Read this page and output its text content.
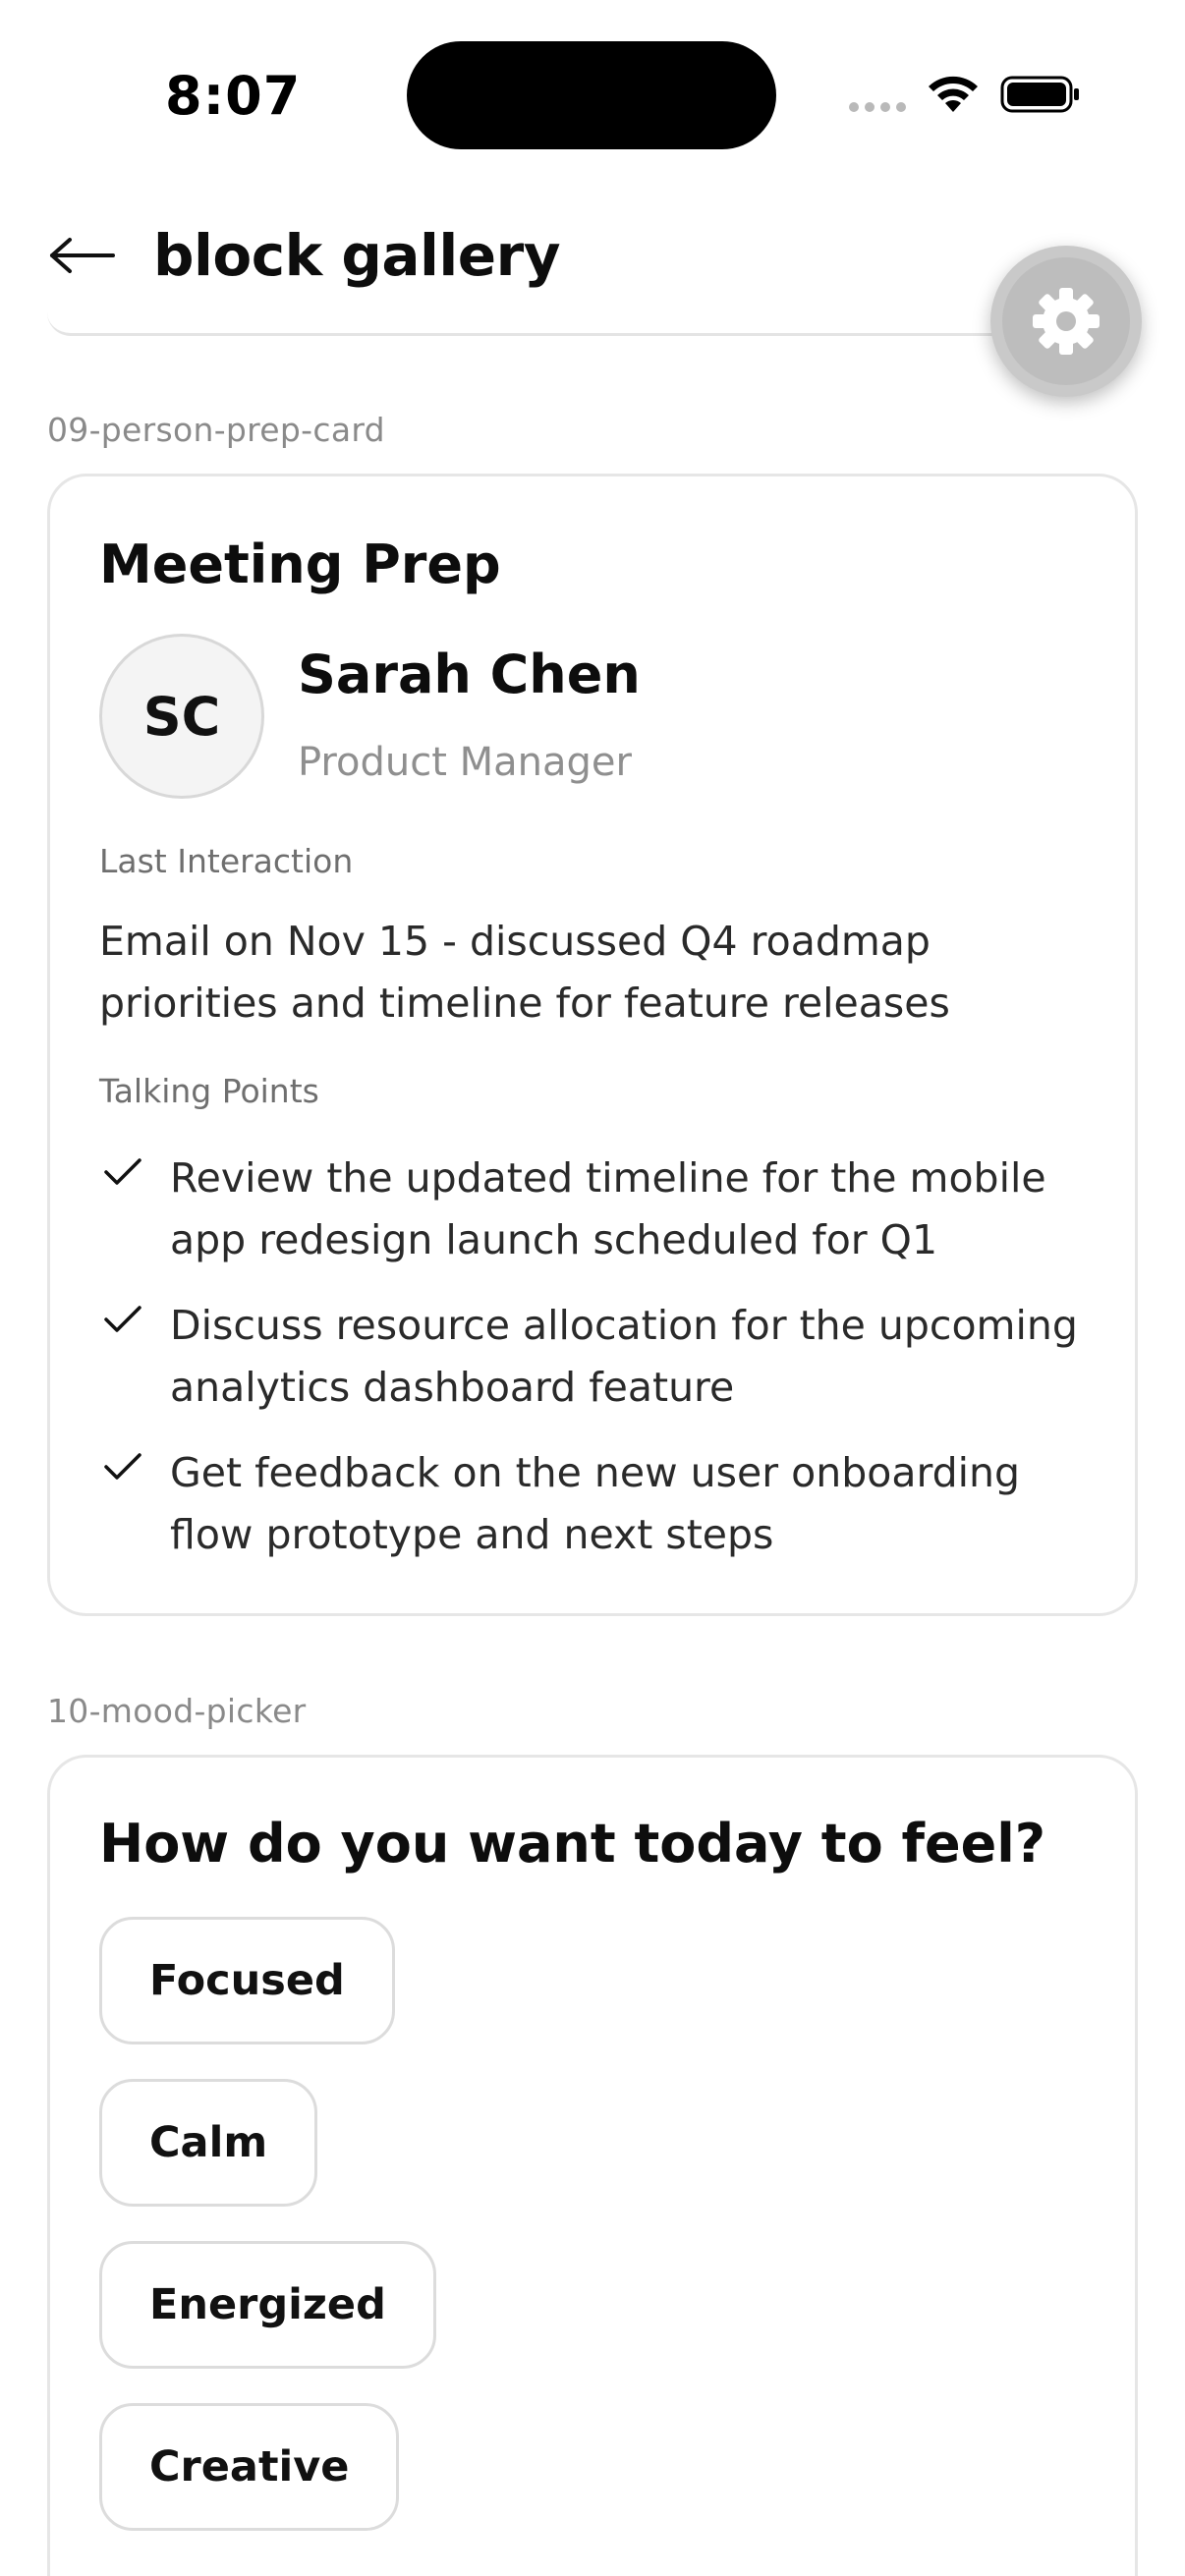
8:07
block gallery
09-person-prep-card
Meeting Prep
SC
Sarah Chen
Product Manager
Last Interaction
Email on Nov 15 - discussed Q4 roadmap priorities and timeline for feature releases
Talking Points
Review the updated timeline for the mobile app redesign launch scheduled for Q1
Discuss resource allocation for the upcoming analytics dashboard feature
Get feedback on the new user onboarding flow prototype and next steps
10-mood-picker
How do you want today to feel?
Focused
Calm
Energized
Creative
